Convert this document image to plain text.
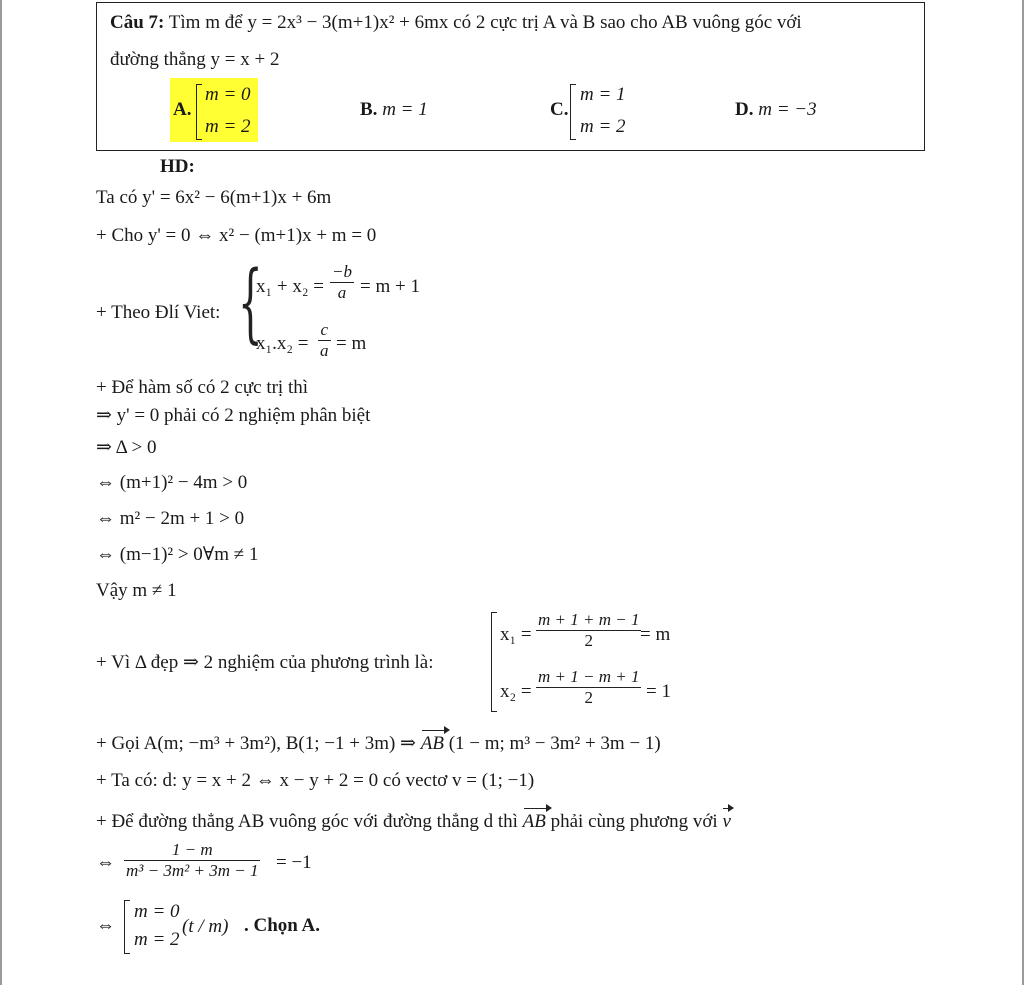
Câu 7: Tìm m để y = 2x³ − 3(m+1)x² + 6mx có 2 cực trị A và B sao cho AB vuông góc với
đường thẳng y = x + 2
A.
m = 0
m = 2
B. m = 1	C.
m = 1
m = 2
D. m = −3
HD:
Ta có y' = 6x² − 6(m+1)x + 6m
+ Cho y' = 0 ⇔ x² − (m+1)x + m = 0
+ Theo Đlí Viet: {
$x_1 + x_2 = \frac{-b}{a} = m + 1$
$x_1.x_2 = \frac{c}{a} = m$
+ Để hàm số có 2 cực trị thì
⇒ y' = 0 phải có 2 nghiệm phân biệt
⇒ Δ > 0
⇔ (m+1)² − 4m > 0
⇔ m² − 2m + 1 > 0
⇔ (m−1)² > 0∀m ≠ 1
Vậy m ≠ 1
+ Vì Δ đẹp ⇒ 2 nghiệm của phương trình là:
$x_1 = \frac{m + 1 + m - 1}{2}$
= m
$x_2 = \frac{m + 1 - m + 1}{2} = 1$
+ Gọi A(m; −m³ + 3m²), B(1; −1 + 3m) ⇒ AB (1 − m; m³ − 3m² + 3m − 1)
+ Ta có: d: y = x + 2 ⇔ x − y + 2 = 0 có vectơ v = (1; −1)
+ Để đường thẳng AB vuông góc với đường thẳng d thì AB phải cùng phương với v
⇔ $\frac{1 - m}{\text{m³ − 3m² + 3m − 1}} = -1$
⇔
m = 0
m = 2
(t / m) . Chọn A.
